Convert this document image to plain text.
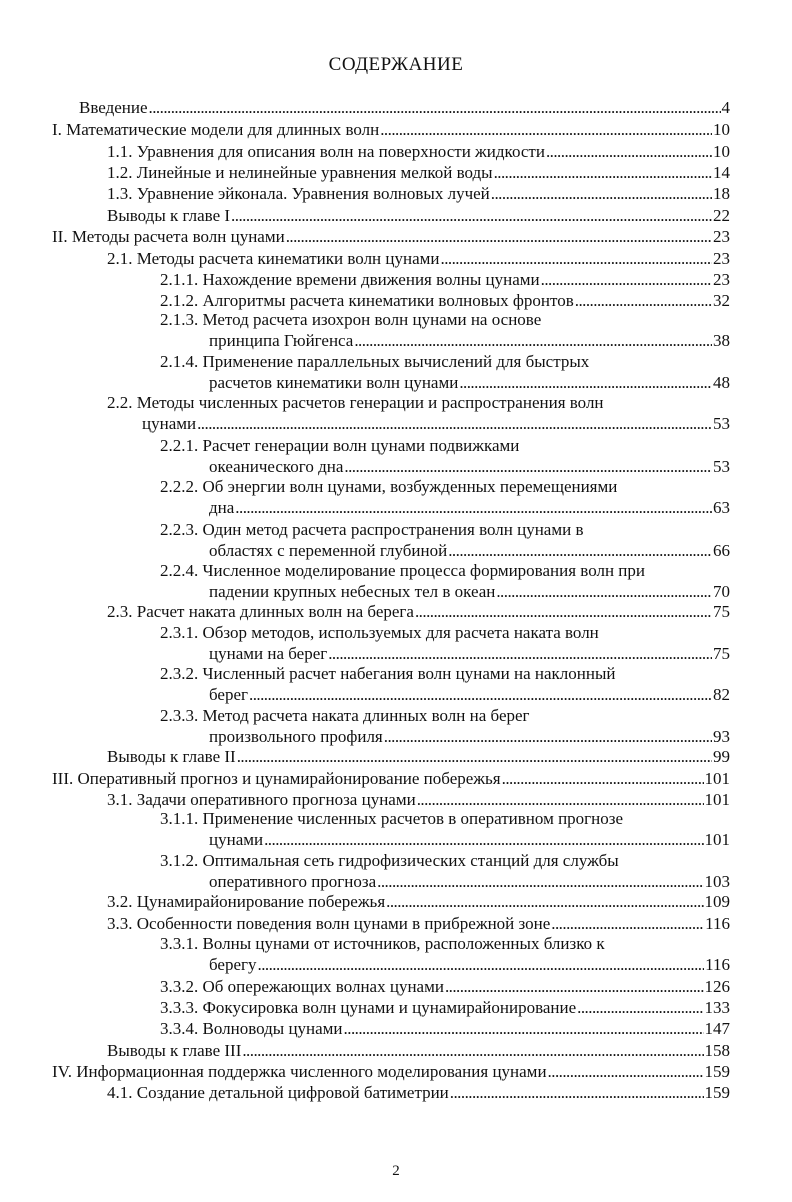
СОДЕРЖАНИЕ
Введение . . .	4
I. Математические модели для длинных волн . . .	10
1.1. Уравнения для описания волн на поверхности жидкости . . .	10
1.2. Линейные и нелинейные уравнения мелкой воды . . .	14
1.3. Уравнение эйконала. Уравнения волновых лучей . . .	18
Выводы к главе I . . .	22
II. Методы расчета волн цунами . . .	23
2.1. Методы расчета кинематики волн цунами . . .	23
2.1.1. Нахождение времени движения волны цунами . . .	23
2.1.2. Алгоритмы расчета кинематики волновых фронтов . . .	32
2.1.3. Метод расчета изохрон волн цунами на основе
принципа Гюйгенса . . .	38
2.1.4. Применение параллельных вычислений для быстрых
расчетов кинематики волн цунами . . .	48
2.2. Методы численных расчетов генерации и распространения волн
цунами . . .	53
2.2.1. Расчет генерации волн цунами подвижками
океанического дна . . .	53
2.2.2. Об энергии волн цунами, возбужденных перемещениями
дна . . .	63
2.2.3. Один метод расчета распространения волн цунами в
областях с переменной глубиной . . .	66
2.2.4. Численное моделирование процесса формирования волн при
падении крупных небесных тел в океан . . .	70
2.3. Расчет наката длинных волн на берега . . .	75
2.3.1. Обзор методов, используемых для расчета наката волн
цунами на берег . . .	75
2.3.2. Численный расчет набегания волн цунами на наклонный
берег . . .	82
2.3.3. Метод расчета наката длинных волн на берег
произвольного профиля . . .	93
Выводы к главе II . . .	99
III. Оперативный прогноз и цунамирайонирование побережья . . .	101
3.1. Задачи оперативного прогноза цунами . . .	101
3.1.1. Применение численных расчетов в оперативном прогнозе
цунами . . .	101
3.1.2. Оптимальная сеть гидрофизических станций для службы
оперативного прогноза . . .	103
3.2. Цунамирайонирование побережья . . .	109
3.3. Особенности поведения волн цунами в прибрежной зоне . . .	116
3.3.1. Волны цунами от источников, расположенных близко к
берегу . . .	116
3.3.2. Об опережающих волнах цунами . . .	126
3.3.3. Фокусировка волн цунами и цунамирайонирование . . .	133
3.3.4. Волноводы цунами . . .	147
Выводы к главе III . . .	158
IV. Информационная поддержка численного моделирования цунами . . .	159
4.1. Создание детальной цифровой батиметрии . . .	159
2
